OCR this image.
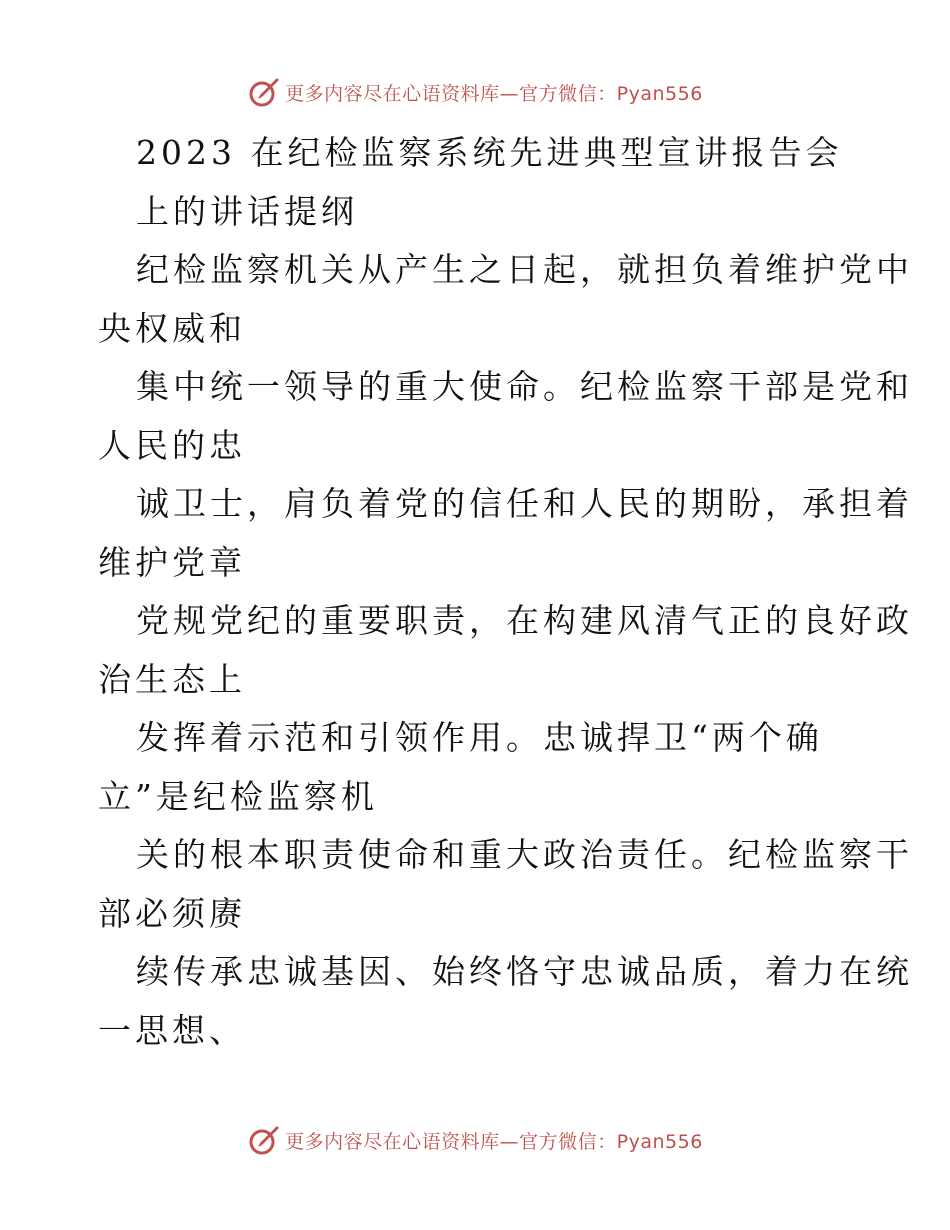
更多内容尽在心语资料库—官方微信：Pyan556
2023 在纪检监察系统先进典型宣讲报告会
上的讲话提纲
纪检监察机关从产生之日起，就担负着维护党中
央权威和
集中统一领导的重大使命。纪检监察干部是党和
人民的忠
诚卫士，肩负着党的信任和人民的期盼，承担着
维护党章
党规党纪的重要职责，在构建风清气正的良好政
治生态上
发挥着示范和引领作用。忠诚捍卫“两个确
立”是纪检监察机
关的根本职责使命和重大政治责任。纪检监察干
部必须赓
续传承忠诚基因、始终恪守忠诚品质，着力在统
一思想、
更多内容尽在心语资料库—官方微信：Pyan556
